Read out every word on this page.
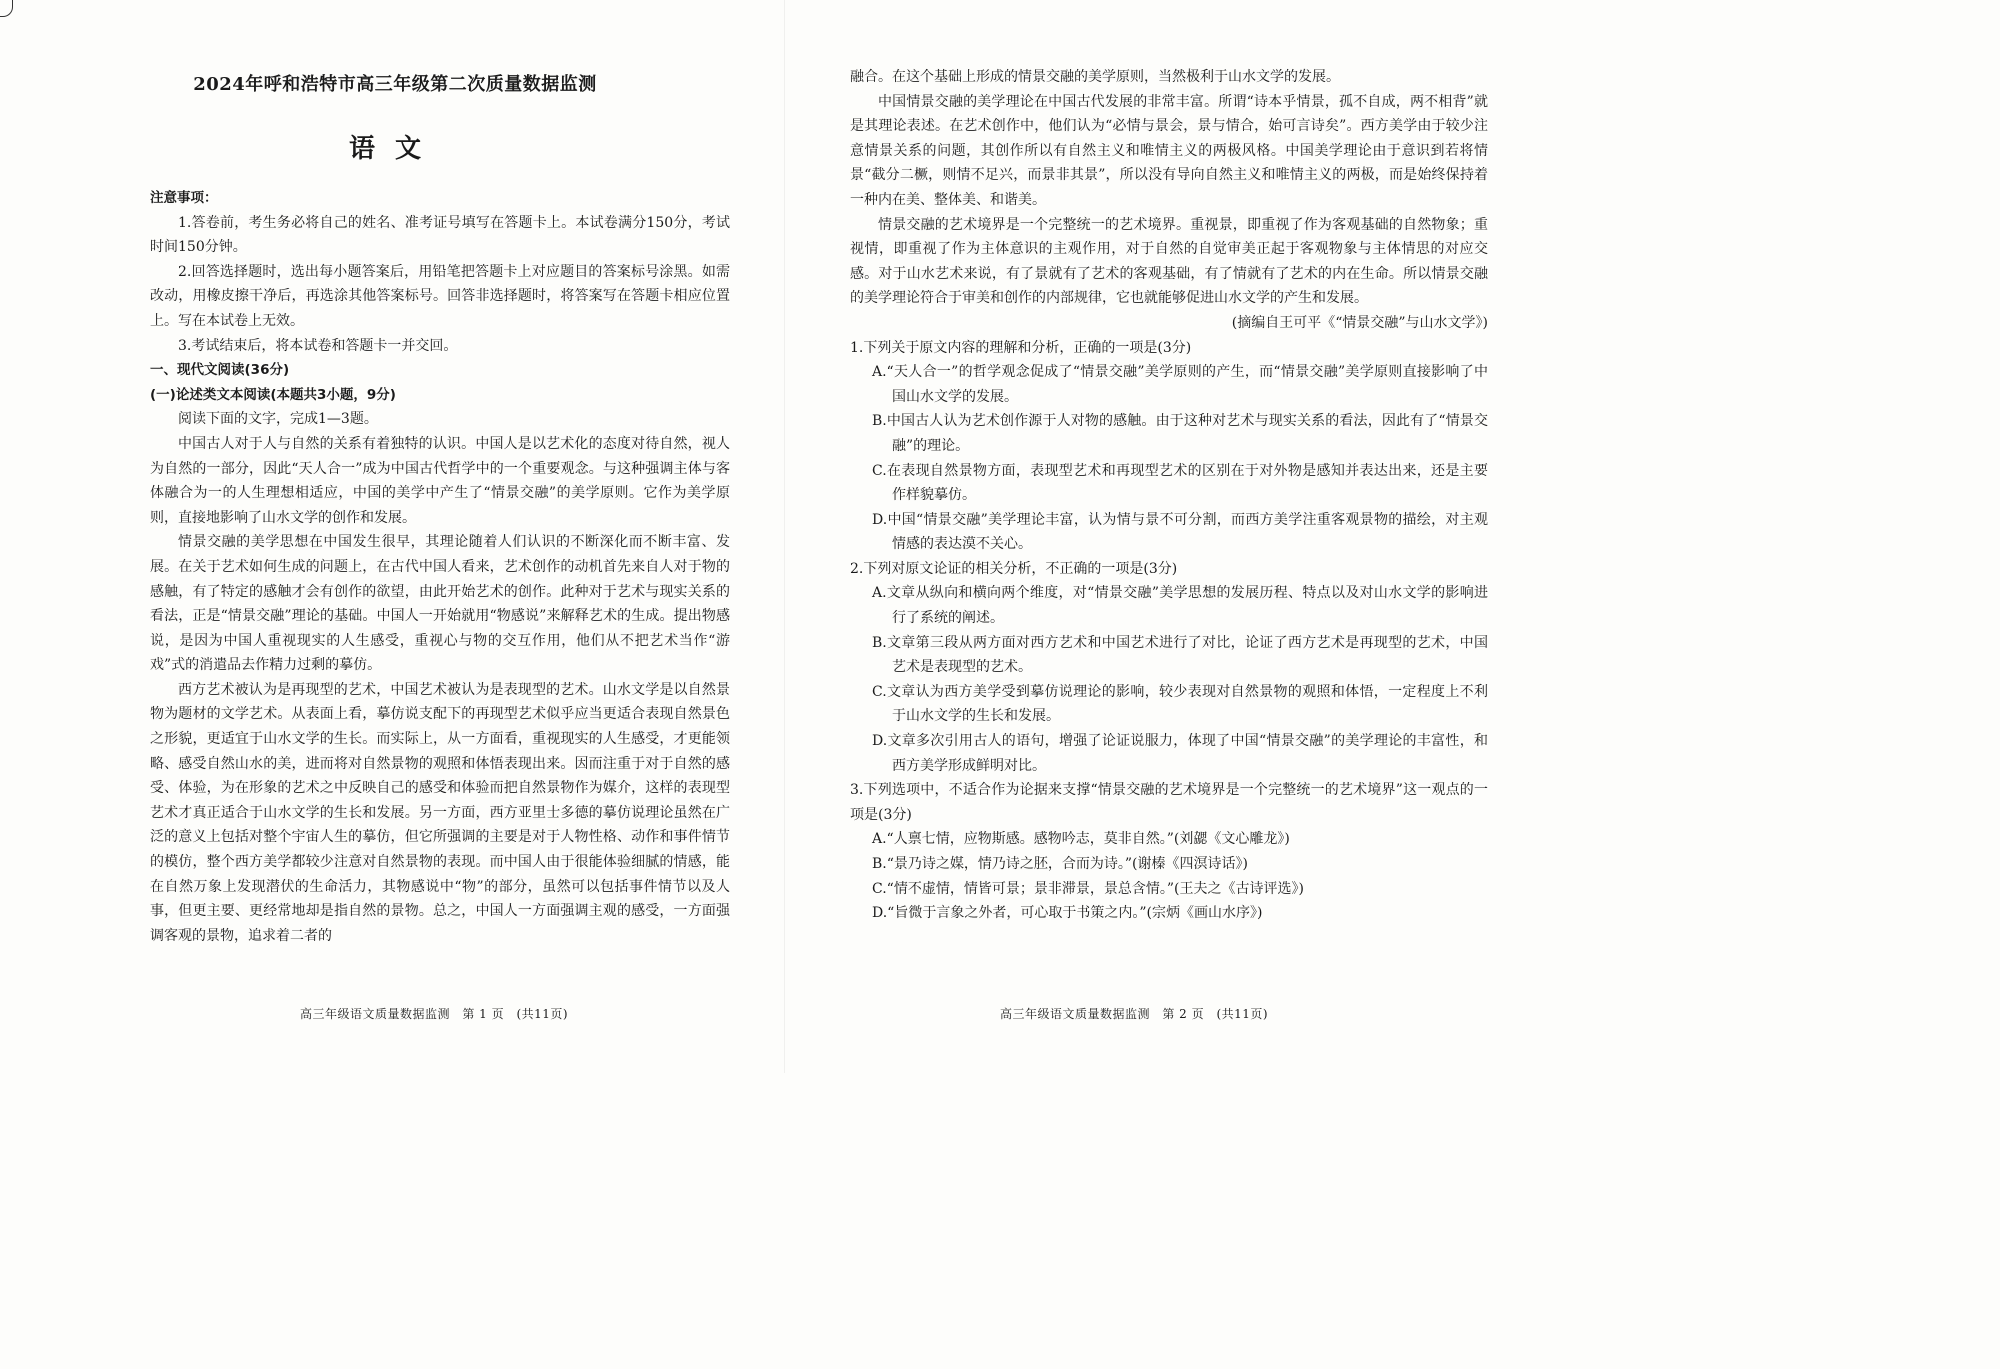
2024年呼和浩特市高三年级第二次质量数据监测
语文

注意事项：

1.答卷前，考生务必将自己的姓名、准考证号填写在答题卡上。本试卷满分150分，考试时间150分钟。

2.回答选择题时，选出每小题答案后，用铅笔把答题卡上对应题目的答案标号涂黑。如需改动，用橡皮擦干净后，再选涂其他答案标号。回答非选择题时，将答案写在答题卡相应位置上。写在本试卷上无效。

3.考试结束后，将本试卷和答题卡一并交回。

一、现代文阅读(36分)

(一)论述类文本阅读(本题共3小题，9分)

阅读下面的文字，完成1—3题。

中国古人对于人与自然的关系有着独特的认识。中国人是以艺术化的态度对待自然，视人为自然的一部分，因此“天人合一”成为中国古代哲学中的一个重要观念。与这种强调主体与客体融合为一的人生理想相适应，中国的美学中产生了“情景交融”的美学原则。它作为美学原则，直接地影响了山水文学的创作和发展。

情景交融的美学思想在中国发生很早，其理论随着人们认识的不断深化而不断丰富、发展。在关于艺术如何生成的问题上，在古代中国人看来，艺术创作的动机首先来自人对于物的感触，有了特定的感触才会有创作的欲望，由此开始艺术的创作。此种对于艺术与现实关系的看法，正是“情景交融”理论的基础。中国人一开始就用“物感说”来解释艺术的生成。提出物感说，是因为中国人重视现实的人生感受，重视心与物的交互作用，他们从不把艺术当作“游戏”式的消遣品去作精力过剩的摹仿。

西方艺术被认为是再现型的艺术，中国艺术被认为是表现型的艺术。山水文学是以自然景物为题材的文学艺术。从表面上看，摹仿说支配下的再现型艺术似乎应当更适合表现自然景色之形貌，更适宜于山水文学的生长。而实际上，从一方面看，重视现实的人生感受，才更能领略、感受自然山水的美，进而将对自然景物的观照和体悟表现出来。因而注重于对于自然的感受、体验，为在形象的艺术之中反映自己的感受和体验而把自然景物作为媒介，这样的表现型艺术才真正适合于山水文学的生长和发展。另一方面，西方亚里士多德的摹仿说理论虽然在广泛的意义上包括对整个宇宙人生的摹仿，但它所强调的主要是对于人物性格、动作和事件情节的模仿，整个西方美学都较少注意对自然景物的表现。而中国人由于很能体验细腻的情感，能在自然万象上发现潜伏的生命活力，其物感说中“物”的部分，虽然可以包括事件情节以及人事，但更主要、更经常地却是指自然的景物。总之，中国人一方面强调主观的感受，一方面强调客观的景物，追求着二者的

高三年级语文质量数据监测 第 1 页 (共11页)

融合。在这个基础上形成的情景交融的美学原则，当然极利于山水文学的发展。

中国情景交融的美学理论在中国古代发展的非常丰富。所谓“诗本乎情景，孤不自成，两不相背”就是其理论表述。在艺术创作中，他们认为“必情与景会，景与情合，始可言诗矣”。西方美学由于较少注意情景关系的问题，其创作所以有自然主义和唯情主义的两极风格。中国美学理论由于意识到若将情景“截分二橛，则情不足兴，而景非其景”，所以没有导向自然主义和唯情主义的两极，而是始终保持着一种内在美、整体美、和谐美。

情景交融的艺术境界是一个完整统一的艺术境界。重视景，即重视了作为客观基础的自然物象；重视情，即重视了作为主体意识的主观作用，对于自然的自觉审美正起于客观物象与主体情思的对应交感。对于山水艺术来说，有了景就有了艺术的客观基础，有了情就有了艺术的内在生命。所以情景交融的美学理论符合于审美和创作的内部规律，它也就能够促进山水文学的产生和发展。

(摘编自王可平《“情景交融”与山水文学》)

1.下列关于原文内容的理解和分析，正确的一项是(3分)

A.“天人合一”的哲学观念促成了“情景交融”美学原则的产生，而“情景交融”美学原则直接影响了中国山水文学的发展。

B.中国古人认为艺术创作源于人对物的感触。由于这种对艺术与现实关系的看法，因此有了“情景交融”的理论。

C.在表现自然景物方面，表现型艺术和再现型艺术的区别在于对外物是感知并表达出来，还是主要作样貌摹仿。

D.中国“情景交融”美学理论丰富，认为情与景不可分割，而西方美学注重客观景物的描绘，对主观情感的表达漠不关心。

2.下列对原文论证的相关分析，不正确的一项是(3分)

A.文章从纵向和横向两个维度，对“情景交融”美学思想的发展历程、特点以及对山水文学的影响进行了系统的阐述。

B.文章第三段从两方面对西方艺术和中国艺术进行了对比，论证了西方艺术是再现型的艺术，中国艺术是表现型的艺术。

C.文章认为西方美学受到摹仿说理论的影响，较少表现对自然景物的观照和体悟，一定程度上不利于山水文学的生长和发展。

D.文章多次引用古人的语句，增强了论证说服力，体现了中国“情景交融”的美学理论的丰富性，和西方美学形成鲜明对比。

3.下列选项中，不适合作为论据来支撑“情景交融的艺术境界是一个完整统一的艺术境界”这一观点的一项是(3分)

A.“人禀七情，应物斯感。感物吟志，莫非自然。”(刘勰《文心雕龙》)

B.“景乃诗之媒，情乃诗之胚，合而为诗。”(谢榛《四溟诗话》)

C.“情不虚情，情皆可景；景非滞景，景总含情。”(王夫之《古诗评选》)

D.“旨微于言象之外者，可心取于书策之内。”(宗炳《画山水序》)

高三年级语文质量数据监测 第 2 页 (共11页)
